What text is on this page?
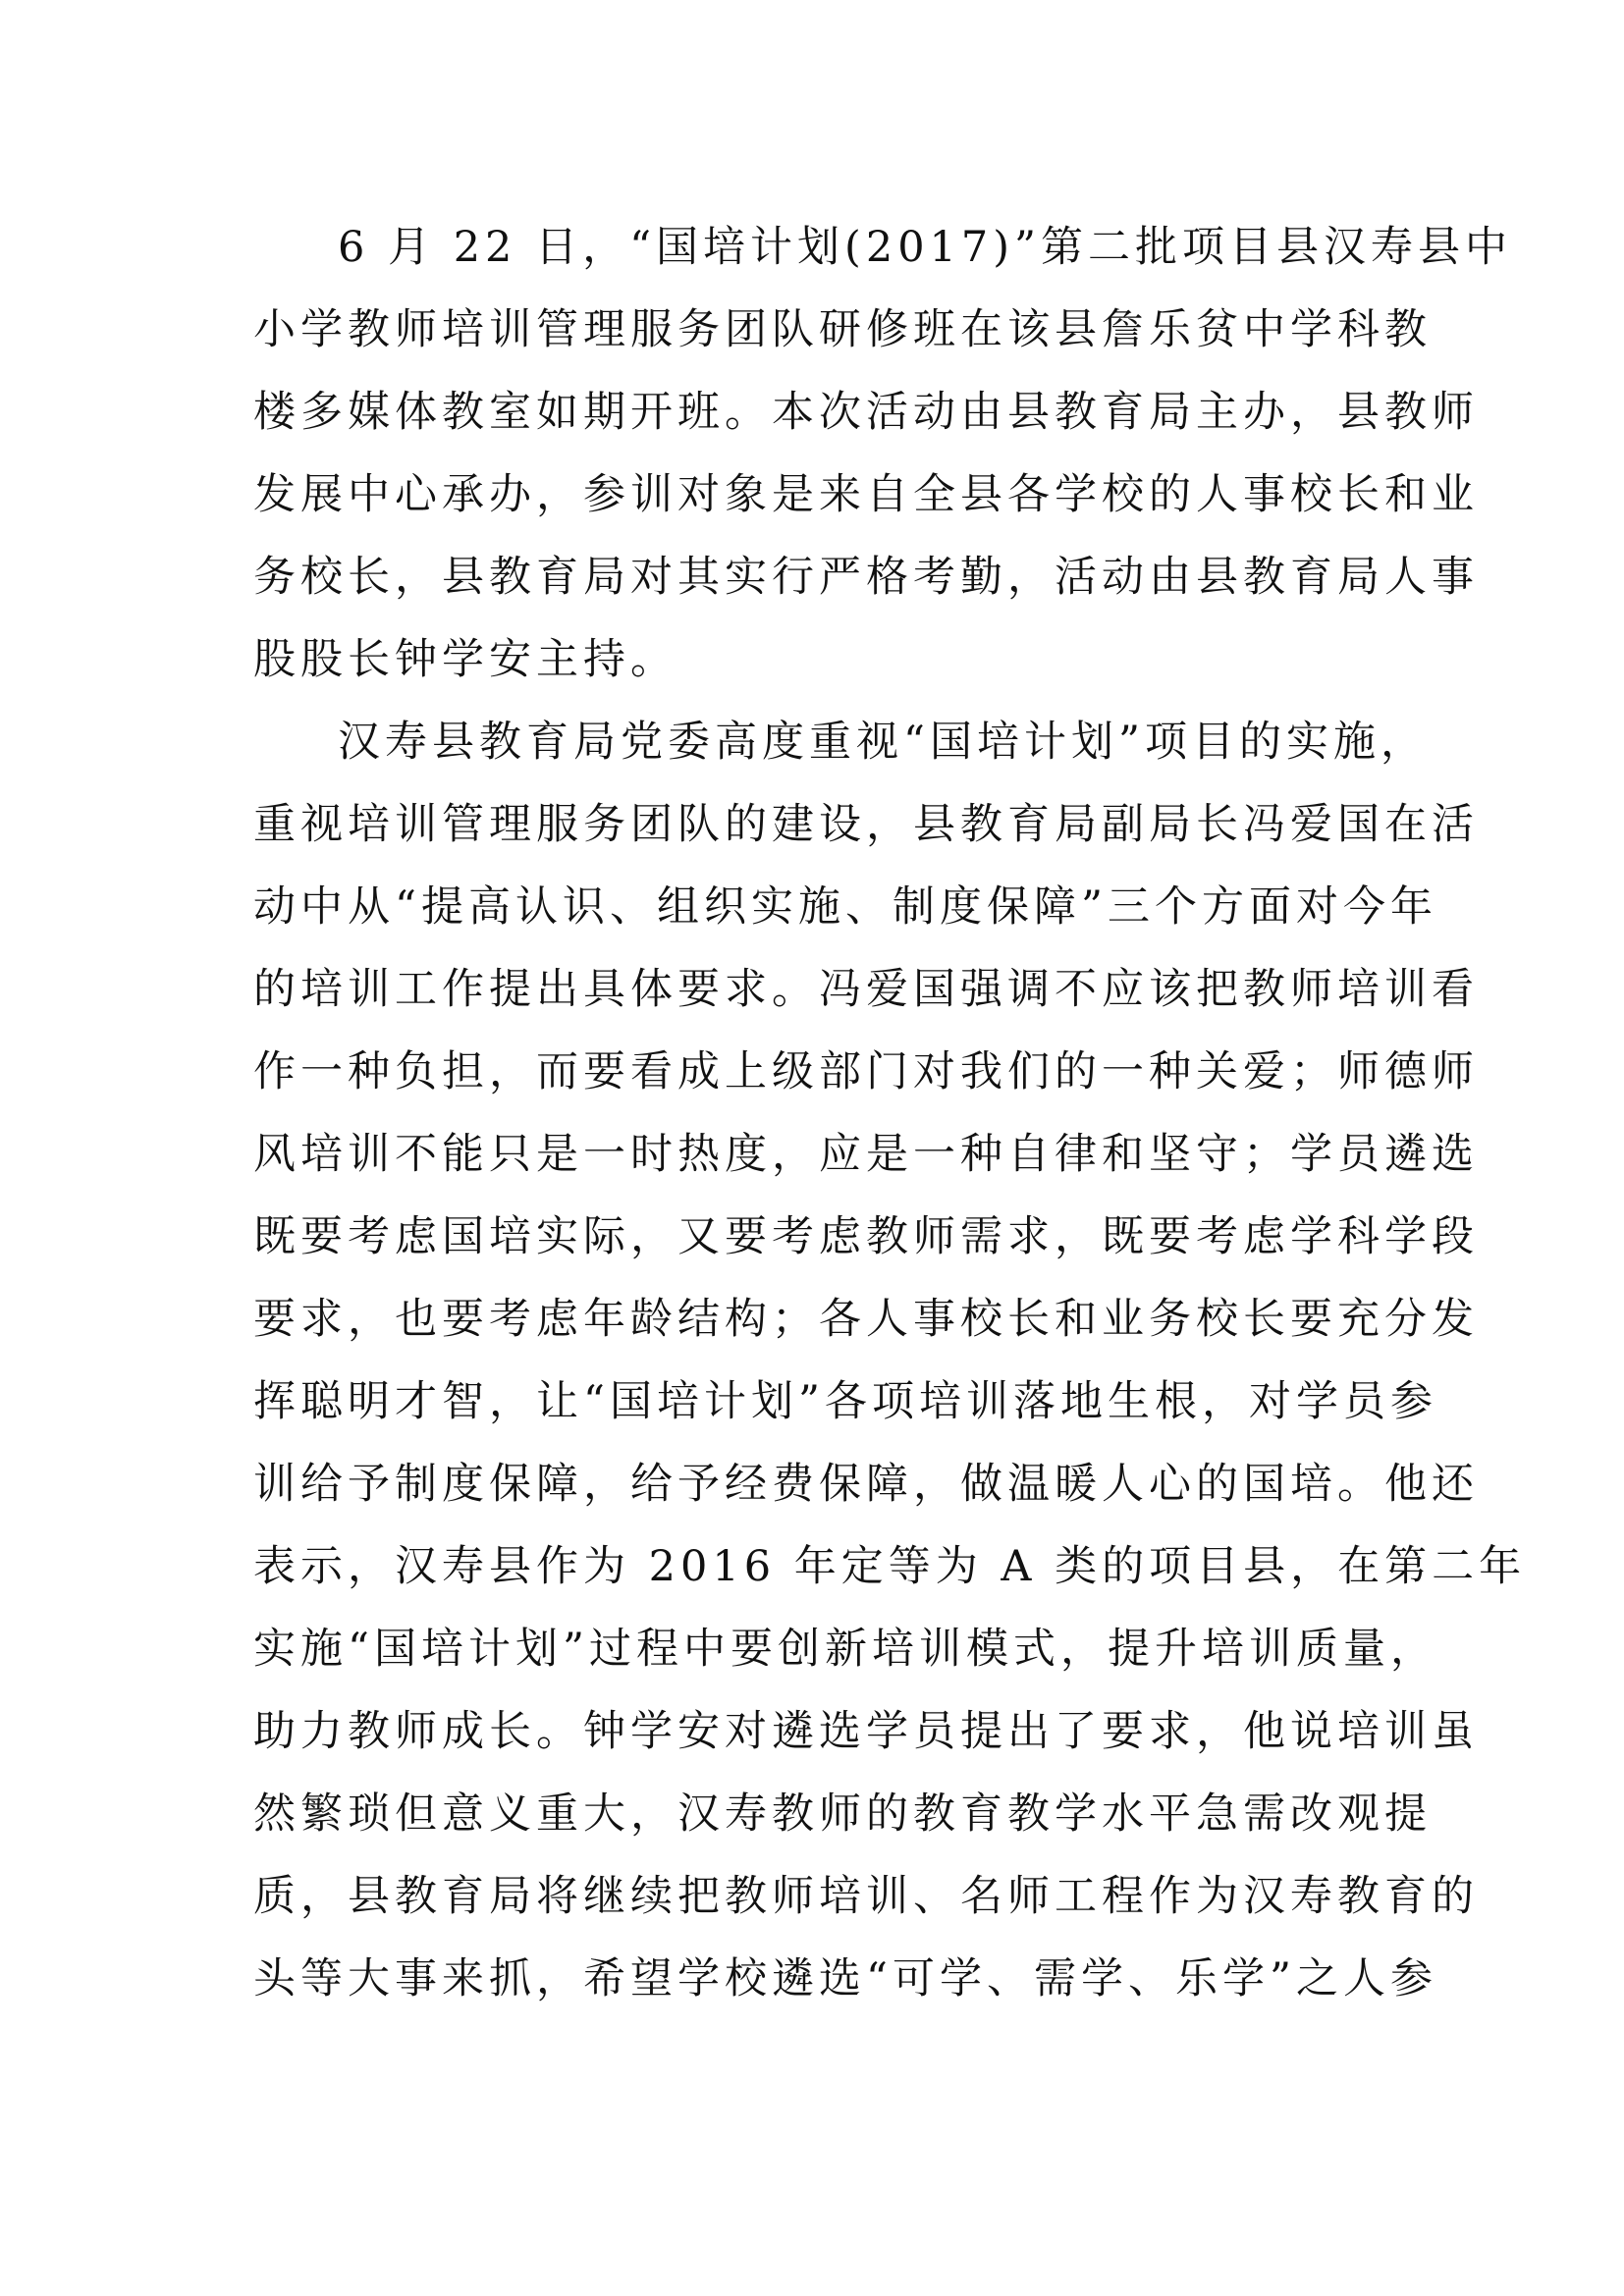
6 月 22 日，“国培计划(2017)”第二批项目县汉寿县中
小学教师培训管理服务团队研修班在该县詹乐贫中学科教
楼多媒体教室如期开班。本次活动由县教育局主办，县教师
发展中心承办，参训对象是来自全县各学校的人事校长和业
务校长，县教育局对其实行严格考勤，活动由县教育局人事
股股长钟学安主持。
汉寿县教育局党委高度重视“国培计划”项目的实施，
重视培训管理服务团队的建设，县教育局副局长冯爱国在活
动中从“提高认识、组织实施、制度保障”三个方面对今年
的培训工作提出具体要求。冯爱国强调不应该把教师培训看
作一种负担，而要看成上级部门对我们的一种关爱；师德师
风培训不能只是一时热度，应是一种自律和坚守；学员遴选
既要考虑国培实际，又要考虑教师需求，既要考虑学科学段
要求，也要考虑年龄结构；各人事校长和业务校长要充分发
挥聪明才智，让“国培计划”各项培训落地生根，对学员参
训给予制度保障，给予经费保障，做温暖人心的国培。他还
表示，汉寿县作为 2016 年定等为 A 类的项目县，在第二年
实施“国培计划”过程中要创新培训模式，提升培训质量，
助力教师成长。钟学安对遴选学员提出了要求，他说培训虽
然繁琐但意义重大，汉寿教师的教育教学水平急需改观提
质，县教育局将继续把教师培训、名师工程作为汉寿教育的
头等大事来抓，希望学校遴选“可学、需学、乐学”之人参
